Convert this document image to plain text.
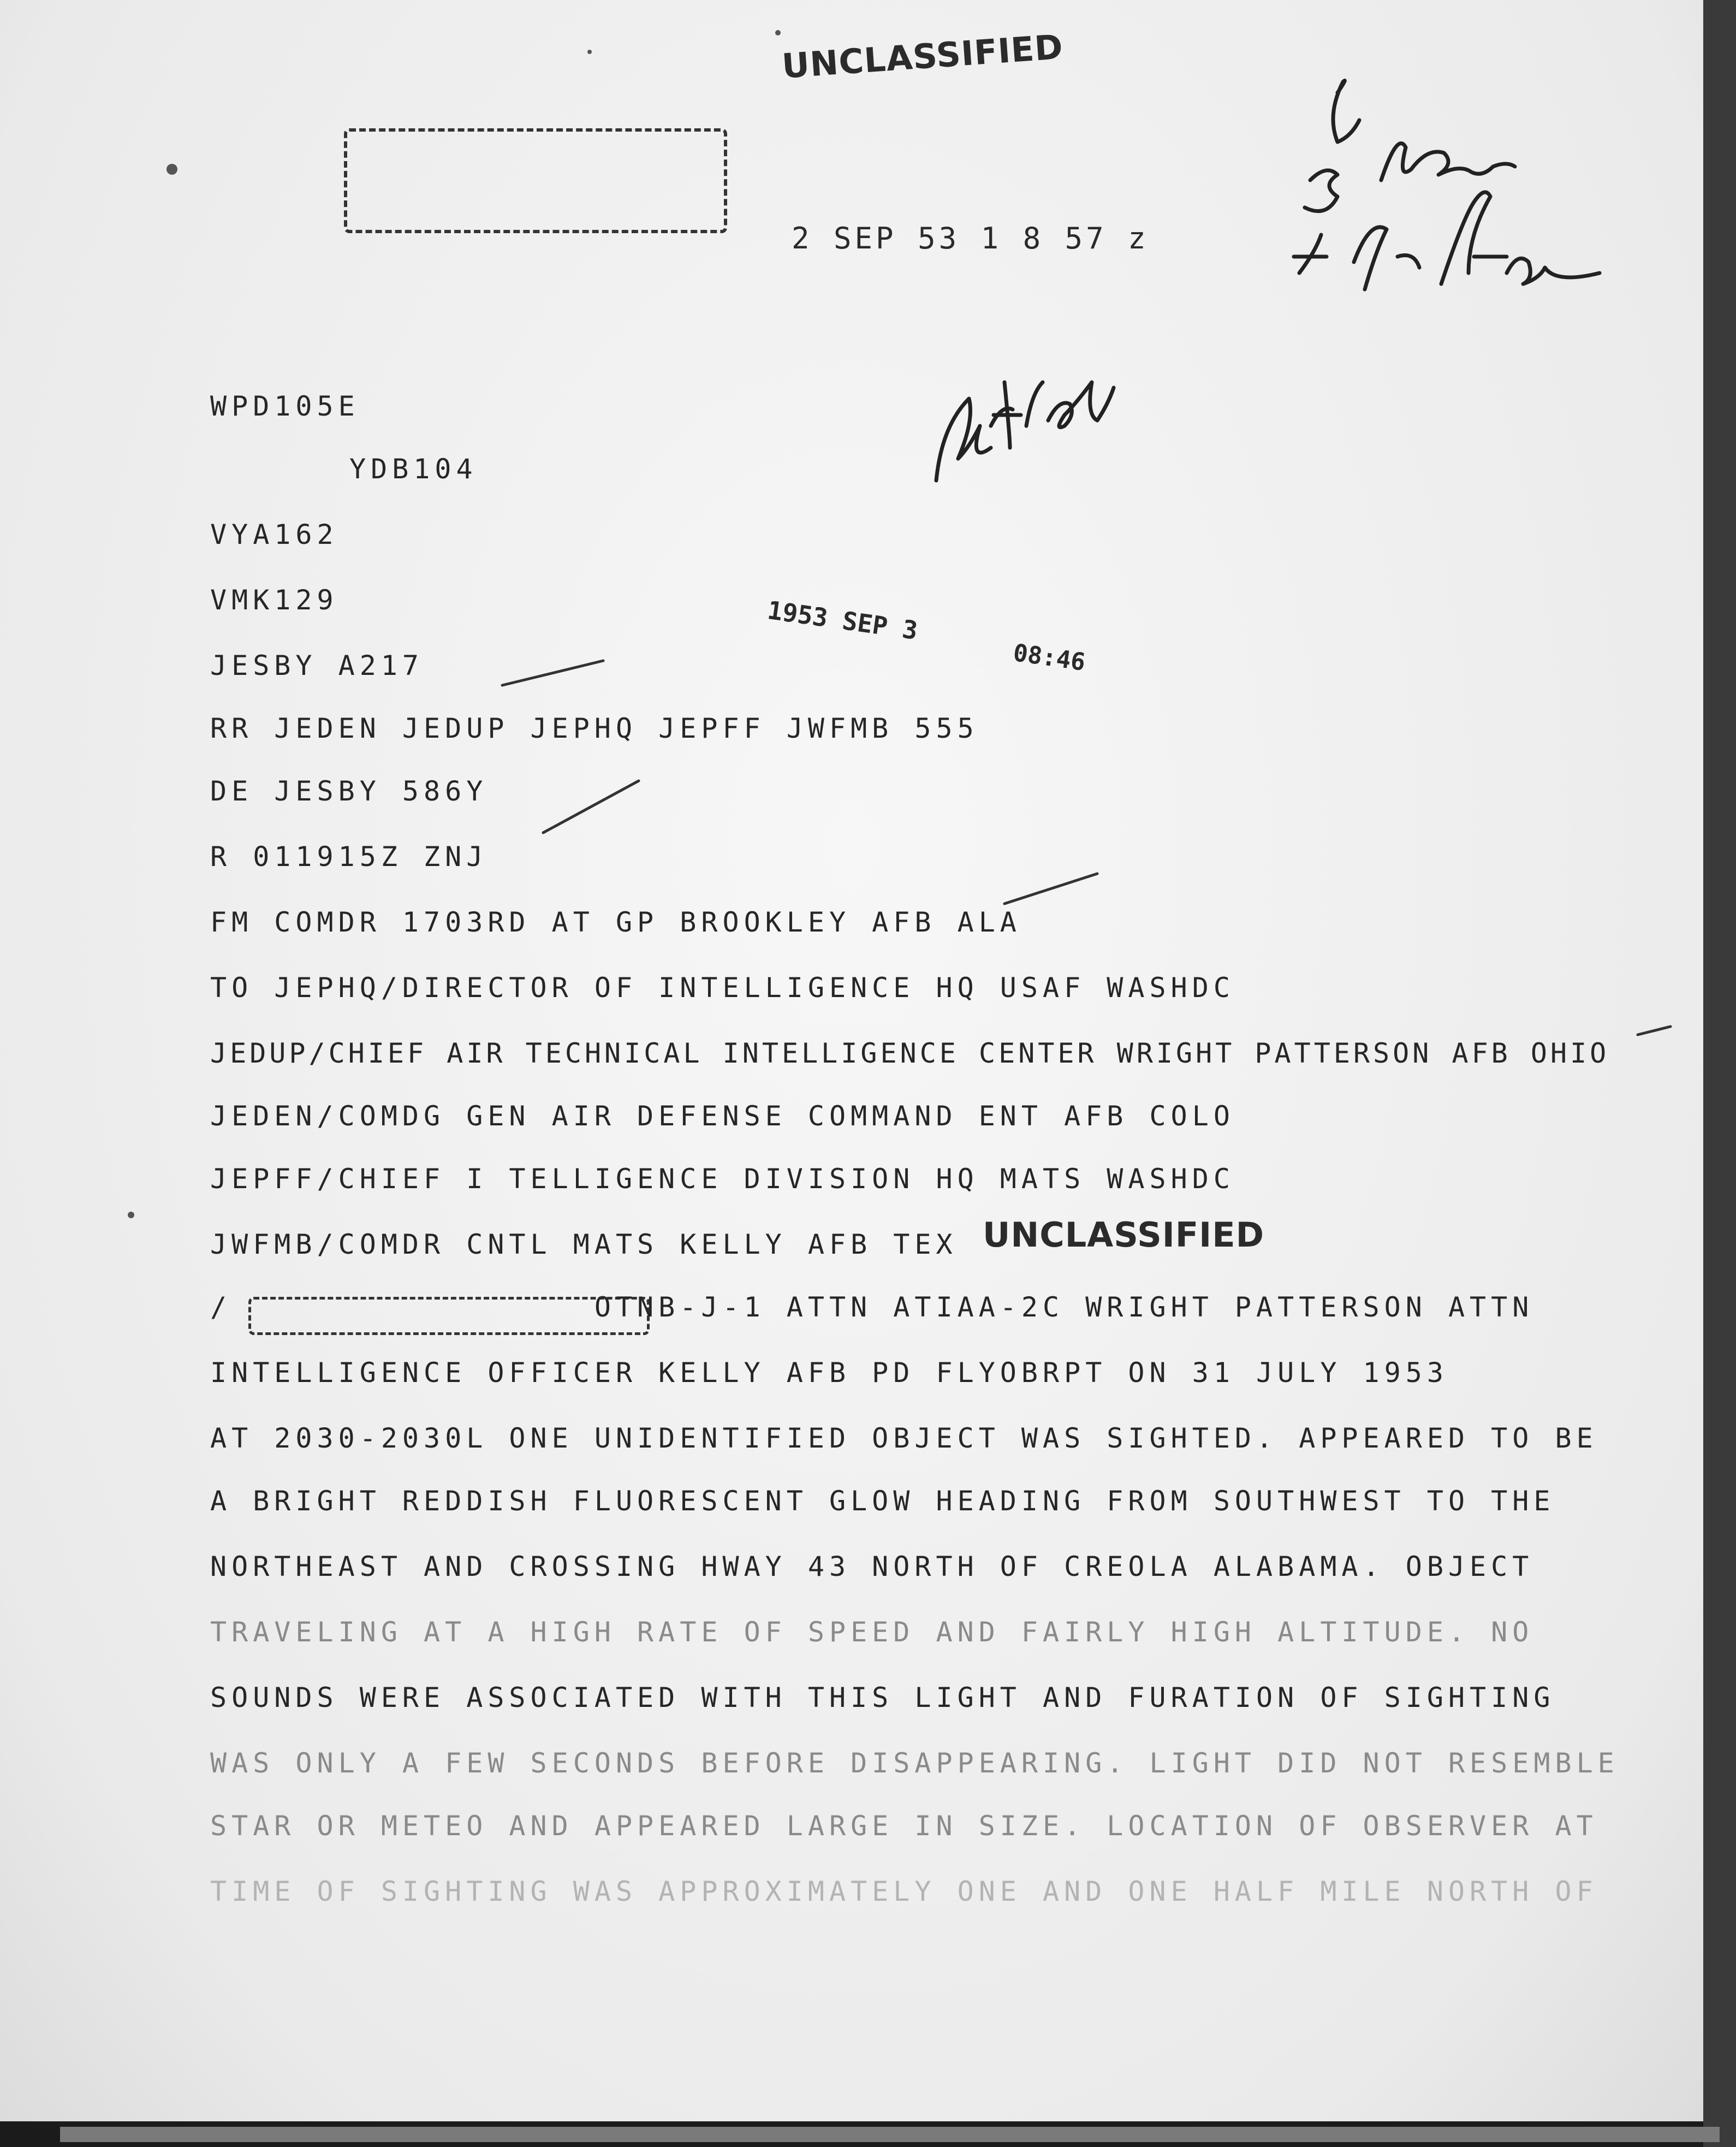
UNCLASSIFIED
2 SEP 53 1 8 57 z
1953 SEP 3
08:46
WPD105E
YDB104
VYA162
VMK129
JESBY A217
RR JEDEN JEDUP JEPHQ JEPFF JWFMB 555
DE JESBY 586Y
R 011915Z ZNJ
FM COMDR 1703RD AT GP BROOKLEY AFB ALA
TO JEPHQ/DIRECTOR OF INTELLIGENCE HQ USAF WASHDC
JEDUP/CHIEF AIR TECHNICAL INTELLIGENCE CENTER WRIGHT PATTERSON AFB OHIO
JEDEN/COMDG GEN AIR DEFENSE COMMAND ENT AFB COLO
JEPFF/CHIEF I TELLIGENCE DIVISION HQ MATS WASHDC
JWFMB/COMDR CNTL MATS KELLY AFB TEX UNCLASSIFIED
/                 OTNB-J-1 ATTN ATIAA-2C WRIGHT PATTERSON ATTN
INTELLIGENCE OFFICER KELLY AFB PD FLYOBRPT ON 31 JULY 1953
AT 2030-2030L ONE UNIDENTIFIED OBJECT WAS SIGHTED. APPEARED TO BE
A BRIGHT REDDISH FLUORESCENT GLOW HEADING FROM SOUTHWEST TO THE
NORTHEAST AND CROSSING HWAY 43 NORTH OF CREOLA ALABAMA. OBJECT
TRAVELING AT A HIGH RATE OF SPEED AND FAIRLY HIGH ALTITUDE. NO
SOUNDS WERE ASSOCIATED WITH THIS LIGHT AND FURATION OF SIGHTING
WAS ONLY A FEW SECONDS BEFORE DISAPPEARING. LIGHT DID NOT RESEMBLE
STAR OR METEO AND APPEARED LARGE IN SIZE. LOCATION OF OBSERVER AT
TIME OF SIGHTING WAS APPROXIMATELY ONE AND ONE HALF MILE NORTH OF
